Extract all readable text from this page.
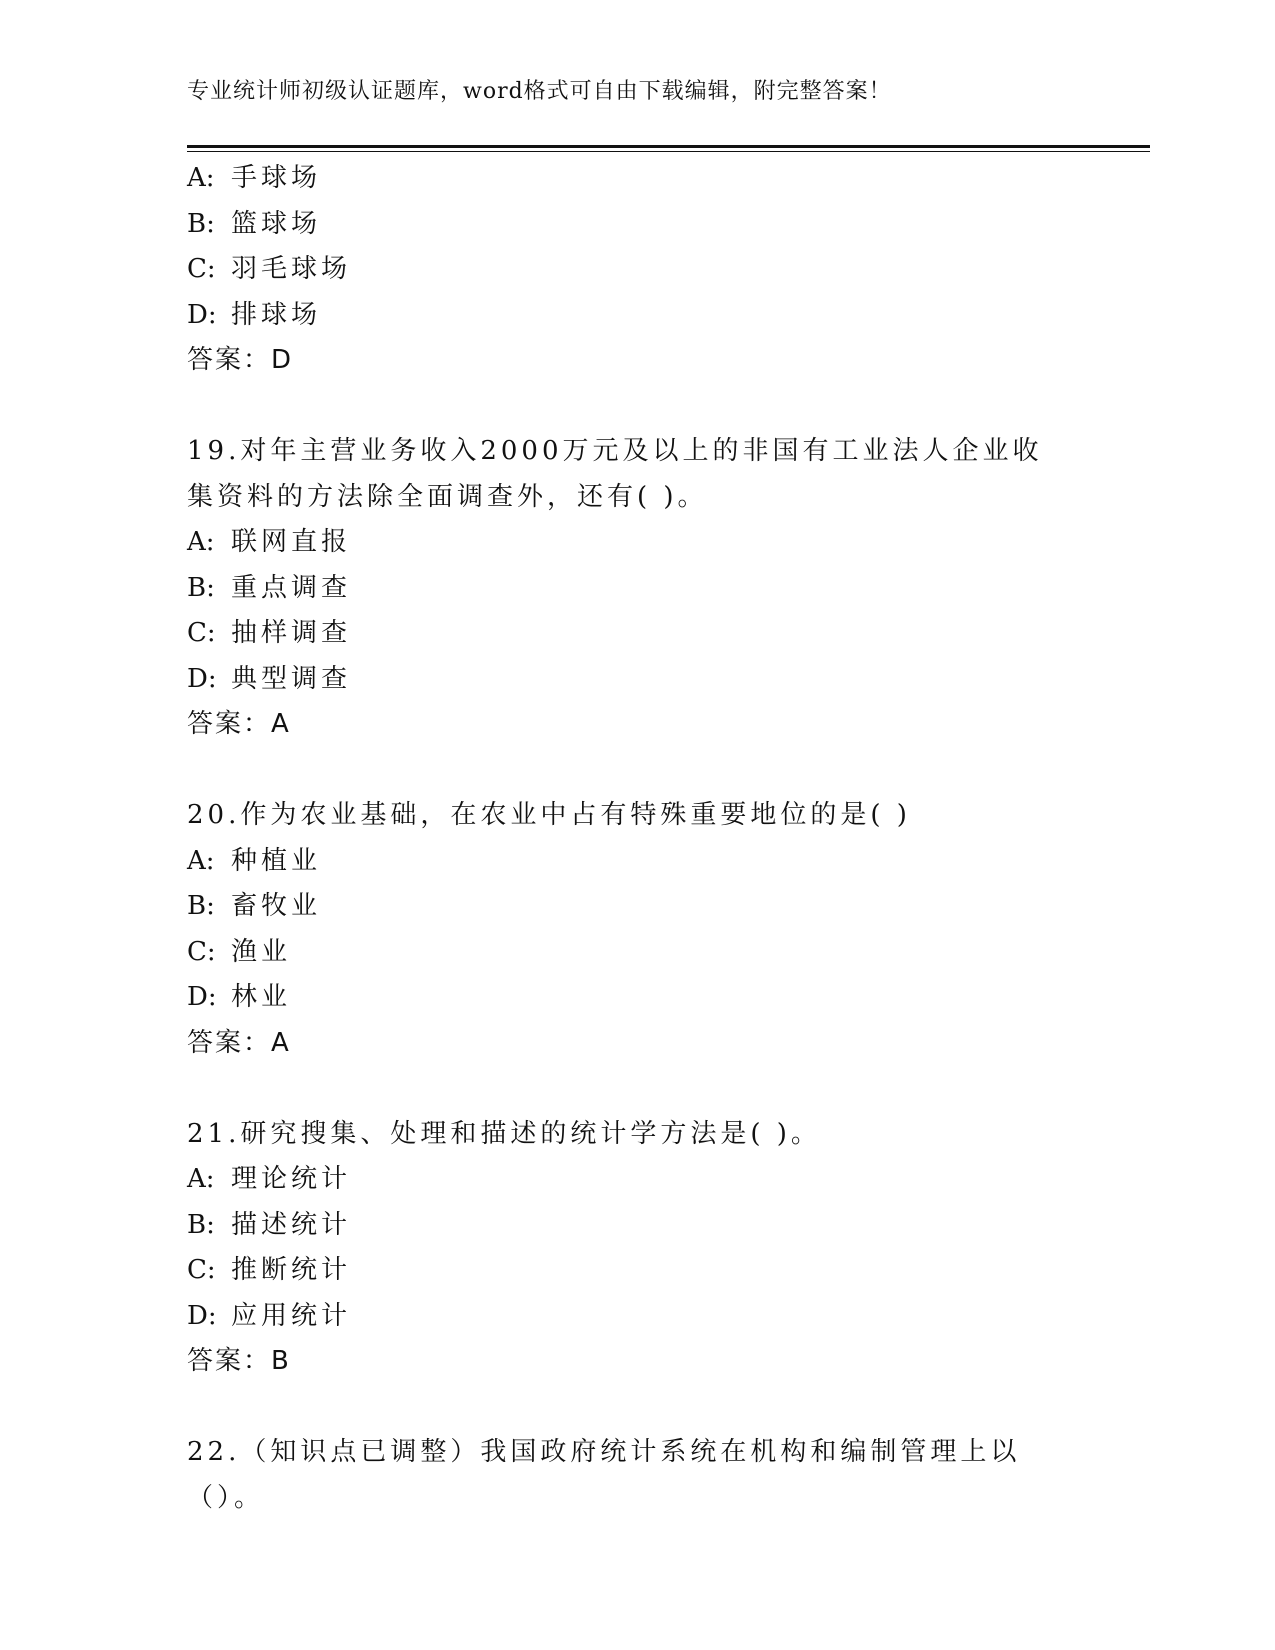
专业统计师初级认证题库，word格式可自由下载编辑，附完整答案！
A: 手球场
B: 篮球场
C: 羽毛球场
D: 排球场
答案：D
19.对年主营业务收入2000万元及以上的非国有工业法人企业收集资料的方法除全面调查外，还有( )。
A: 联网直报
B: 重点调查
C: 抽样调查
D: 典型调查
答案：A
20.作为农业基础，在农业中占有特殊重要地位的是( )
A: 种植业
B: 畜牧业
C: 渔业
D: 林业
答案：A
21.研究搜集、处理和描述的统计学方法是( )。
A: 理论统计
B: 描述统计
C: 推断统计
D: 应用统计
答案：B
22.（知识点已调整）我国政府统计系统在机构和编制管理上以（）。
